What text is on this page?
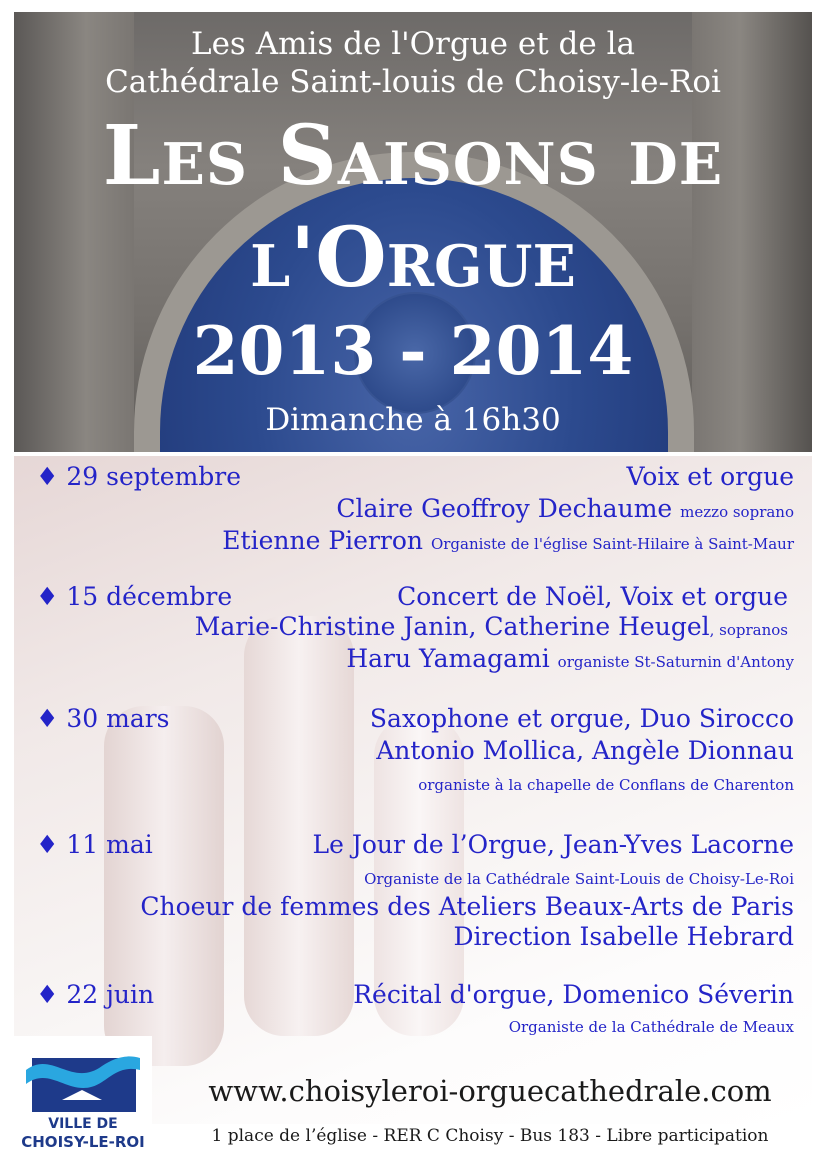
Les Amis de l'Orgue et de la

Cathédrale Saint-louis de Choisy-le-Roi

Les Saisons de

l'Orgue

2013 - 2014

Dimanche à 16h30

♦ 29 septembre	Voix et orgue

Claire Geoffroy Dechaume mezzo soprano

Etienne Pierron Organiste de l'église Saint-Hilaire à Saint-Maur

♦ 15 décembre	Concert de Noël, Voix et orgue

Marie-Christine Janin, Catherine Heugel, sopranos

Haru Yamagami organiste St-Saturnin d'Antony

♦ 30 mars	Saxophone et orgue, Duo Sirocco

Antonio Mollica, Angèle Dionnau

organiste à la chapelle de Conflans de Charenton

♦ 11 mai	Le Jour de l’Orgue, Jean-Yves Lacorne

Organiste de la Cathédrale Saint-Louis de Choisy-Le-Roi

Choeur de femmes des Ateliers Beaux-Arts de Paris

Direction Isabelle Hebrard

♦ 22 juin	Récital d'orgue, Domenico Séverin

Organiste de la Cathédrale de Meaux

VILLE DE

CHOISY-LE-ROI

www.choisyleroi-orguecathedrale.com

1 place de l’église - RER C Choisy - Bus 183 - Libre participation
